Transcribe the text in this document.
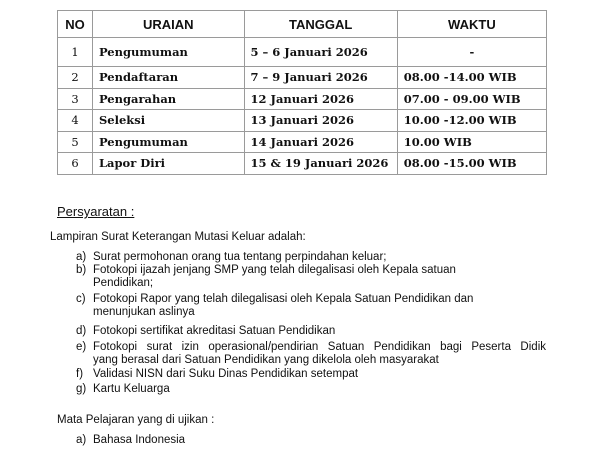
NO	URAIAN	TANGGAL	WAKTU
1	Pengumuman	5 – 6 Januari 2026	-
2	Pendaftaran	7 – 9 Januari 2026	08.00 -14.00 WIB
3	Pengarahan	12 Januari 2026	07.00 - 09.00 WIB
4	Seleksi	13 Januari 2026	10.00 -12.00 WIB
5	Pengumuman	14 Januari 2026	10.00 WIB
6	Lapor Diri	15 & 19 Januari 2026	08.00 -15.00 WIB
Persyaratan :
Lampiran Surat Keterangan Mutasi Keluar adalah:
a) Surat permohonan orang tua tentang perpindahan keluar;
b) Fotokopi ijazah jenjang SMP yang telah dilegalisasi oleh Kepala satuan
Pendidikan;
c) Fotokopi Rapor yang telah dilegalisasi oleh Kepala Satuan Pendidikan dan
menunjukan aslinya
d) Fotokopi sertifikat akreditasi Satuan Pendidikan
e) Fotokopi surat izin operasional/pendirian Satuan Pendidikan bagi Peserta Didik
yang berasal dari Satuan Pendidikan yang dikelola oleh masyarakat
f) Validasi NISN dari Suku Dinas Pendidikan setempat
g) Kartu Keluarga
Mata Pelajaran yang di ujikan :
a) Bahasa Indonesia
